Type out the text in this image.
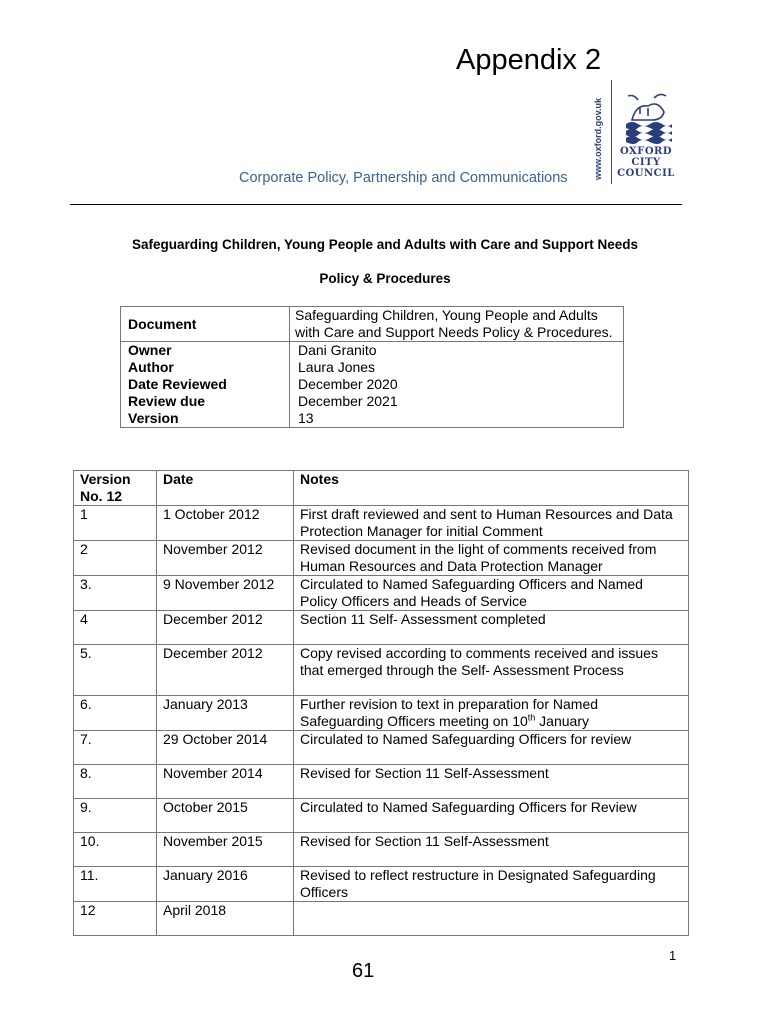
Appendix 2
Corporate Policy, Partnership and Communications	www.oxford.gov.uk	OXFORD
CITY
COUNCIL
Safeguarding Children, Young People and Adults with Care and Support Needs
Policy & Procedures
Document	Safeguarding Children, Young People and Adults with Care and Support Needs Policy & Procedures.
Owner	Dani Granito
Author	Laura Jones
Date Reviewed	December 2020
Review due	December 2021
Version	13
Version No. 12	Date	Notes
1	1 October 2012	First draft reviewed and sent to Human Resources and Data Protection Manager for initial Comment
2	November 2012	Revised document in the light of comments received from Human Resources and Data Protection Manager
3.	9 November 2012	Circulated to Named Safeguarding Officers and Named Policy Officers and Heads of Service
4	December 2012	Section 11 Self- Assessment completed
5.	December 2012	Copy revised according to comments received and issues that emerged through the Self- Assessment Process
6.	January 2013	Further revision to text in preparation for Named Safeguarding Officers meeting on 10th January
7.	29 October 2014	Circulated to Named Safeguarding Officers for review
8.	November 2014	Revised for Section 11 Self-Assessment
9.	October 2015	Circulated to Named Safeguarding Officers for Review
10.	November 2015	Revised for Section 11 Self-Assessment
11.	January 2016	Revised to reflect restructure in Designated Safeguarding Officers
12	April 2018	
1
61
